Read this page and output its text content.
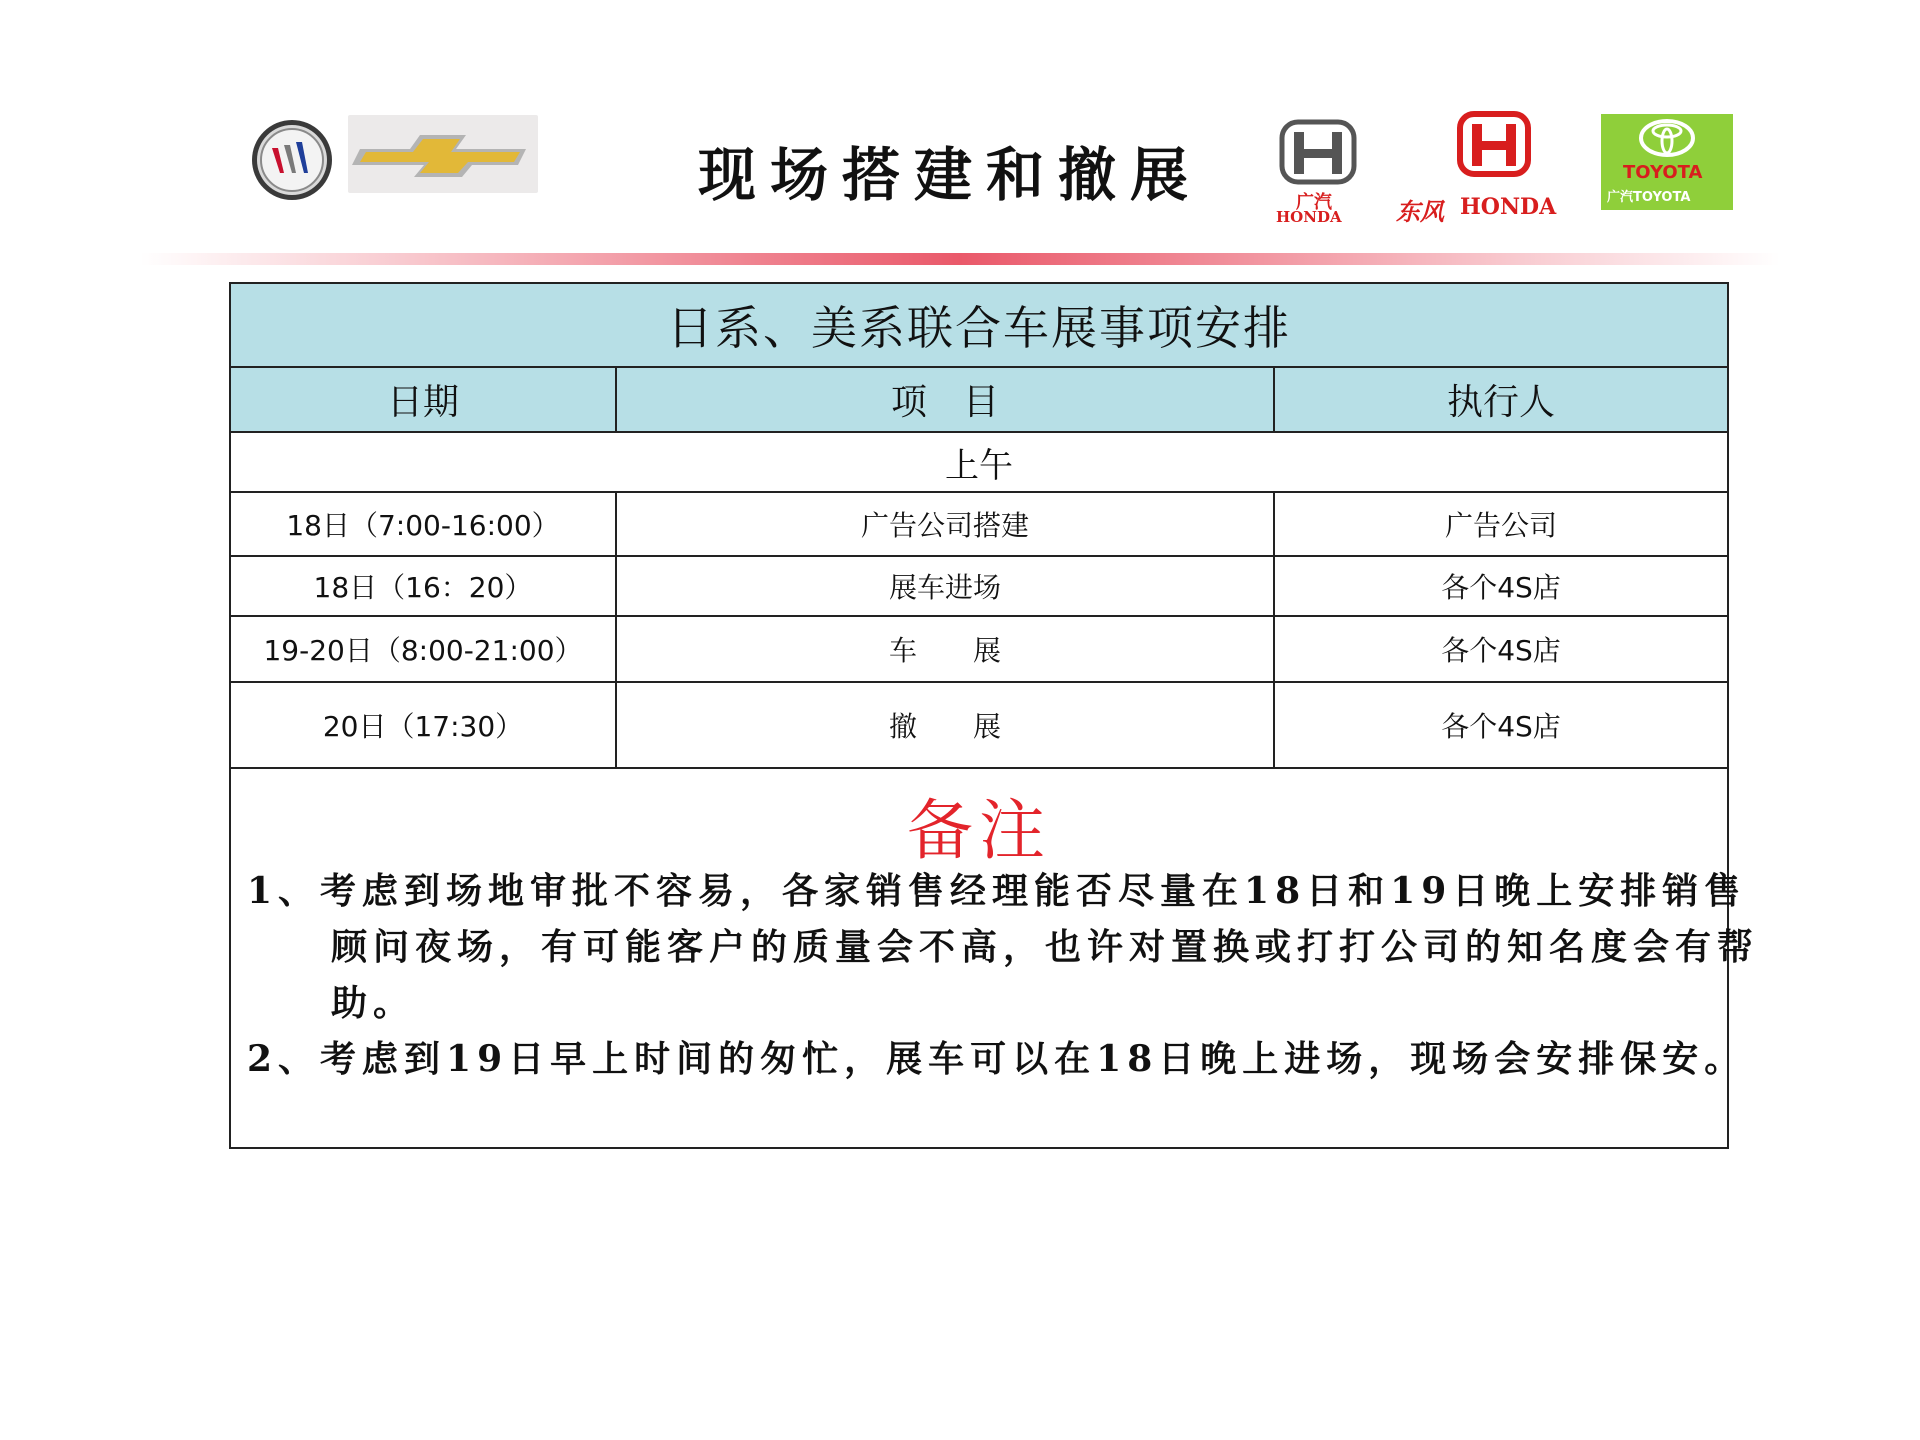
现场搭建和撤展	广汽
HONDA 东风 HONDA
TOYOTA
广汽TOYOTA
日系、美系联合车展事项安排
日期	项　目	执行人
上午
18日（7:00-16:00）	广告公司搭建	广告公司
18日（16：20）	展车进场	各个4S店
19-20日（8:00-21:00）	车　　展	各个4S店
20日（17:30）	撤　　展	各个4S店
备注
1、考虑到场地审批不容易，各家销售经理能否尽量在18日和19日晚上安排销售顾问夜场，有可能客户的质量会不高，也许对置换或打打公司的知名度会有帮助。
2、考虑到19日早上时间的匆忙，展车可以在18日晚上进场，现场会安排保安。
